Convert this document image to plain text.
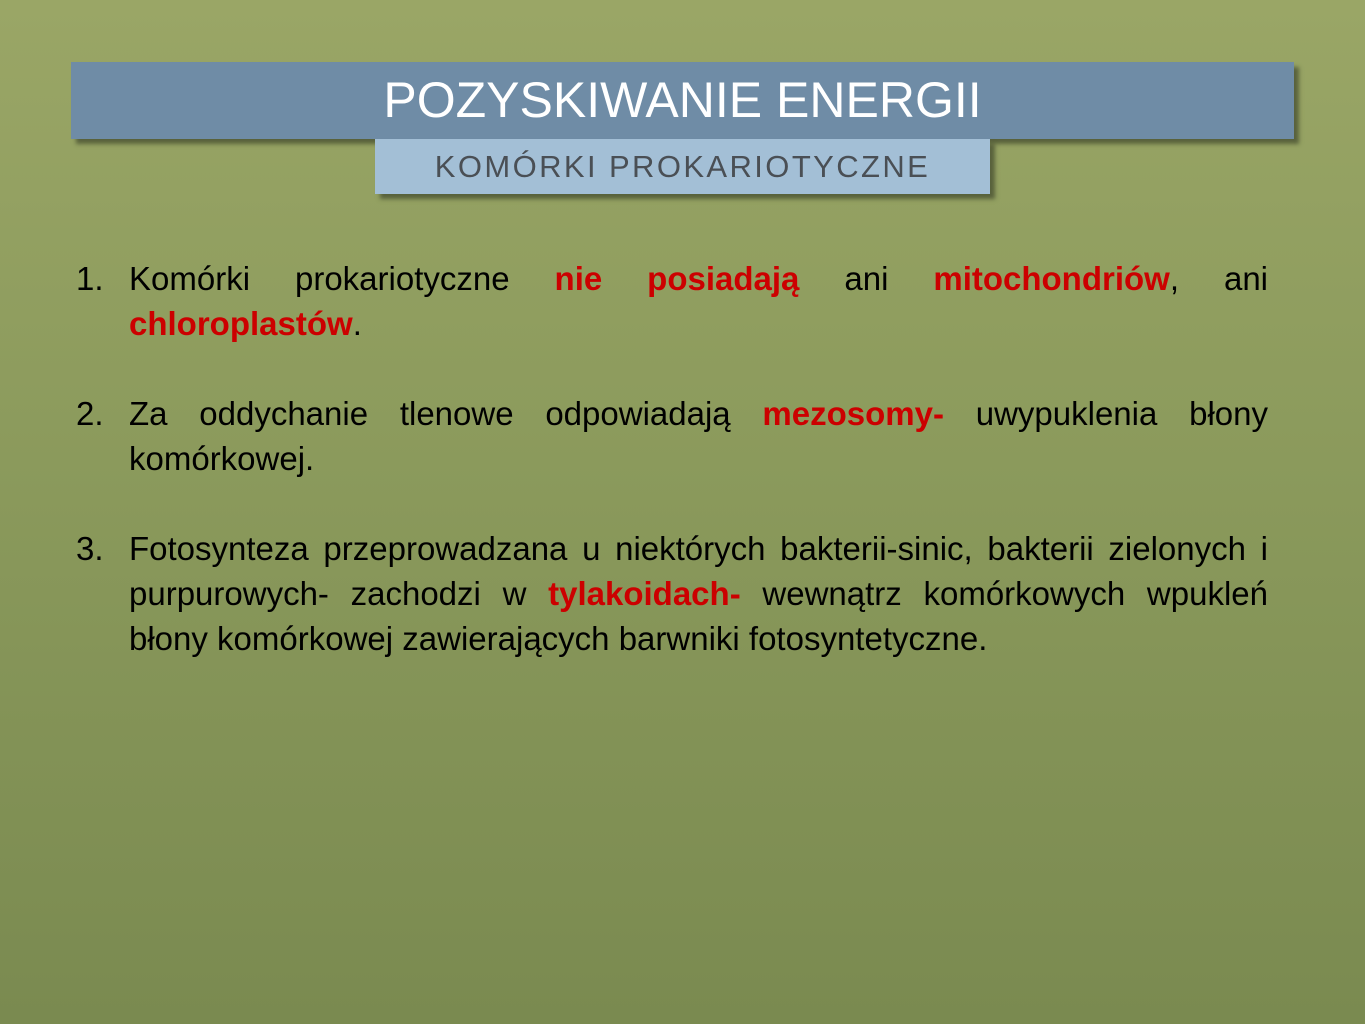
POZYSKIWANIE ENERGII
KOMÓRKI PROKARIOTYCZNE
1. Komórki prokariotyczne nie posiadają ani mitochondriów, ani chloroplastów.
2. Za oddychanie tlenowe odpowiadają mezosomy- uwypuklenia błony komórkowej.
3. Fotosynteza przeprowadzana u niektórych bakterii-sinic, bakterii zielonych i purpurowych- zachodzi w tylakoidach- wewnątrz komórkowych wpukleń błony komórkowej zawierających barwniki fotosyntetyczne.
